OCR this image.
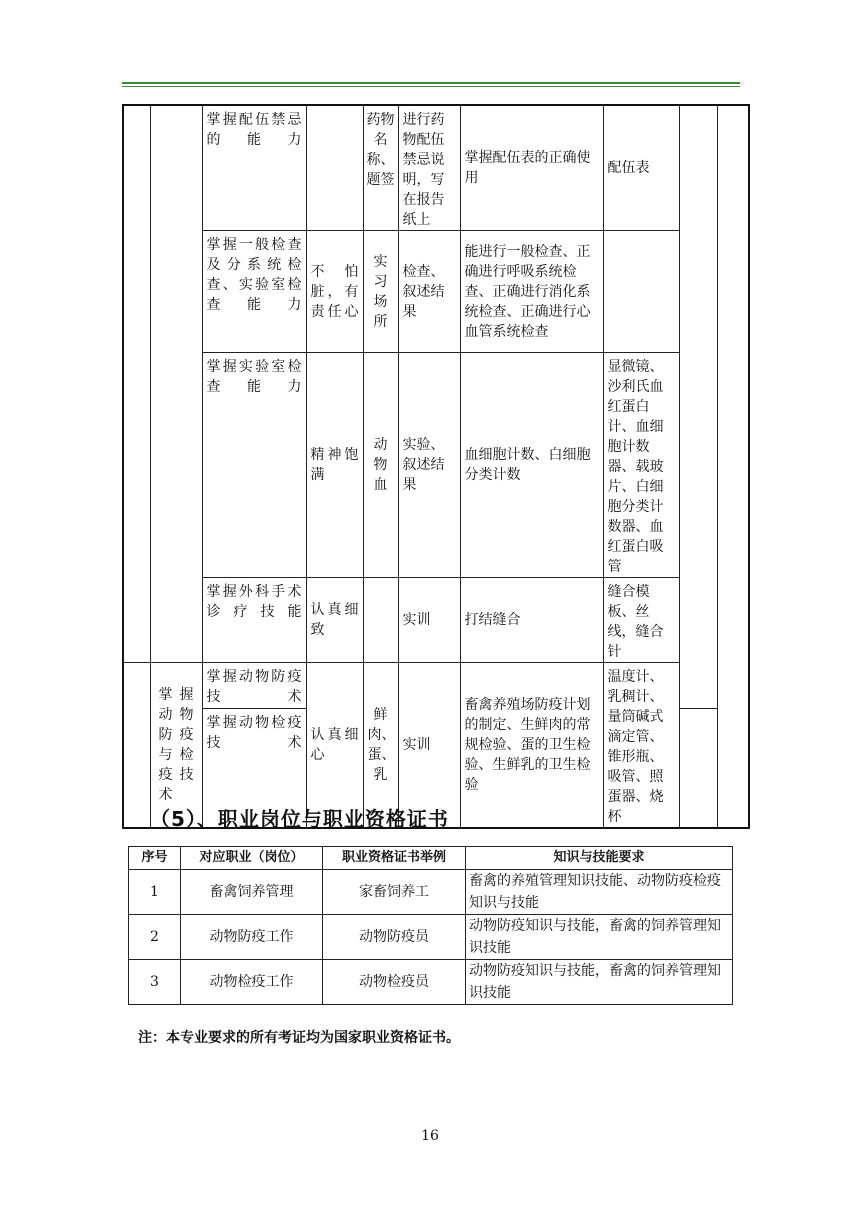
		掌握配伍禁忌的能力		药物名称、题签	进行药物配伍禁忌说明，写在报告纸上	掌握配伍表的正确使用	配伍表		
		掌握一般检查及分系统检查、实验室检查能力	不怕脏，有责任心	实习场所	检查、叙述结果	能进行一般检查、正确进行呼吸系统检查、正确进行消化系统检查、正确进行心血管系统检查			
		掌握实验室检查能力	精神饱满	动物血	实验、叙述结果	血细胞计数、白细胞分类计数	显微镜、沙利氏血红蛋白计、血细胞计数器、载玻片、白细胞分类计数器、血红蛋白吸管		
		掌握外科手术诊疗技能	认真细致		实训	打结缝合	缝合模板、丝线，缝合针		
	掌握动物防疫与检疫技术	掌握动物防疫技术	认真细心	鲜肉、蛋、乳	实训	畜禽养殖场防疫计划的制定、生鲜肉的常规检验、蛋的卫生检验、生鲜乳的卫生检验	温度计、乳稠计、量筒碱式滴定管、锥形瓶、吸管、照蛋器、烧杯		
		掌握动物检疫技术							
（5）、职业岗位与职业资格证书
序号	对应职业（岗位）	职业资格证书举例	知识与技能要求
1	畜禽饲养管理	家畜饲养工	畜禽的养殖管理知识技能、动物防疫检疫知识与技能
2	动物防疫工作	动物防疫员	动物防疫知识与技能，畜禽的饲养管理知识技能
3	动物检疫工作	动物检疫员	动物防疫知识与技能，畜禽的饲养管理知识技能

注：本专业要求的所有考证均为国家职业资格证书。

16
